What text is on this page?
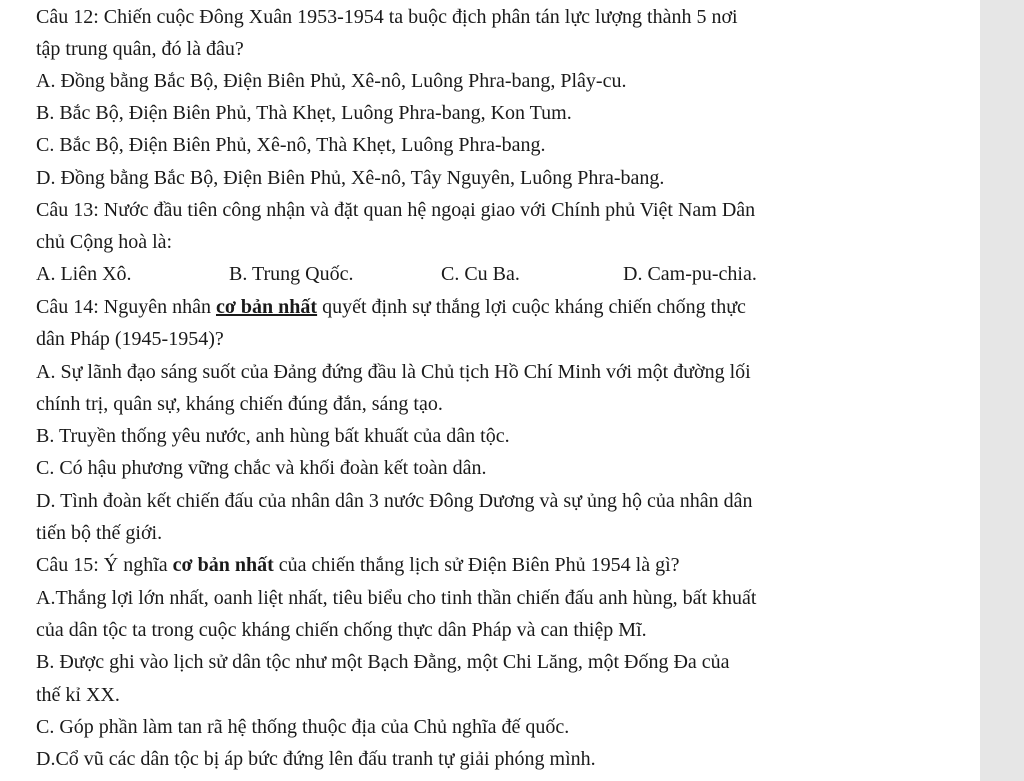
Câu 12: Chiến cuộc Đông Xuân 1953-1954 ta buộc địch phân tán lực lượng thành 5 nơi
tập trung quân, đó là đâu?
A. Đồng bằng Bắc Bộ, Điện Biên Phủ, Xê-nô, Luông Phra-bang, Plây-cu.
B. Bắc Bộ, Điện Biên Phủ, Thà Khẹt, Luông Phra-bang, Kon Tum.
C. Bắc Bộ, Điện Biên Phủ, Xê-nô, Thà Khẹt, Luông Phra-bang.
D. Đồng bằng Bắc Bộ, Điện Biên Phủ, Xê-nô, Tây Nguyên, Luông Phra-bang.
Câu 13: Nước đầu tiên công nhận và đặt quan hệ ngoại giao với Chính phủ Việt Nam Dân
chủ Cộng hoà là:
A. Liên Xô.	B. Trung Quốc.	C. Cu Ba.	D. Cam-pu-chia.
Câu 14: Nguyên nhân cơ bản nhất quyết định sự thắng lợi cuộc kháng chiến chống thực
dân Pháp (1945-1954)?
A. Sự lãnh đạo sáng suốt của Đảng đứng đầu là Chủ tịch Hồ Chí Minh với một đường lối
chính trị, quân sự, kháng chiến đúng đắn, sáng tạo.
B. Truyền thống yêu nước, anh hùng bất khuất của dân tộc.
C. Có hậu phương vững chắc và khối đoàn kết toàn dân.
D. Tình đoàn kết chiến đấu của nhân dân 3 nước Đông Dương và sự ủng hộ của nhân dân
tiến bộ thế giới.
Câu 15: Ý nghĩa cơ bản nhất của chiến thắng lịch sử Điện Biên Phủ 1954 là gì?
A.Thắng lợi lớn nhất, oanh liệt nhất, tiêu biểu cho tinh thần chiến đấu anh hùng, bất khuất
của dân tộc ta trong cuộc kháng chiến chống thực dân Pháp và can thiệp Mĩ.
B. Được ghi vào lịch sử dân tộc như một Bạch Đằng, một Chi Lăng, một Đống Đa của
thế kỉ XX.
C. Góp phần làm tan rã hệ thống thuộc địa của Chủ nghĩa đế quốc.
D.Cổ vũ các dân tộc bị áp bức đứng lên đấu tranh tự giải phóng mình.
